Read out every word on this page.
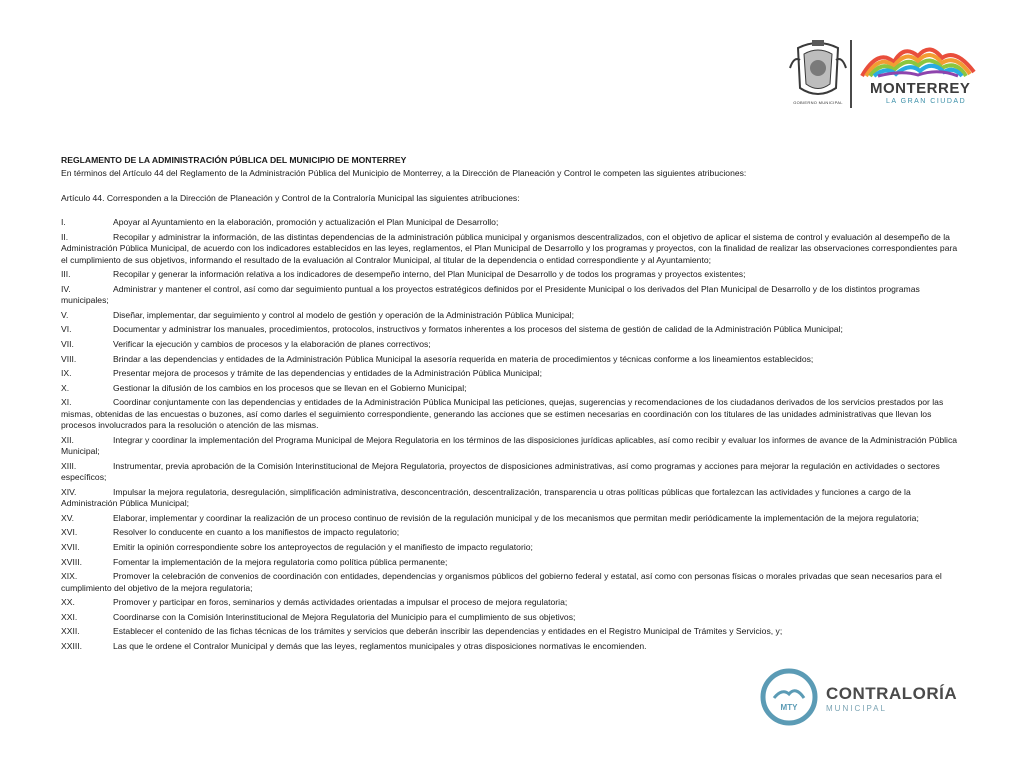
GOBIERNO MUNICIPAL
MONTERREY
LA GRAN CIUDAD

REGLAMENTO DE LA ADMINISTRACIÓN PÚBLICA DEL MUNICIPIO DE MONTERREY

En términos del Artículo 44 del Reglamento de la Administración Pública del Municipio de Monterrey, a la Dirección de Planeación y Control le competen las siguientes atribuciones:

Artículo 44. Corresponden a la Dirección de Planeación y Control de la Contraloría Municipal las siguientes atribuciones:

I.	Apoyar al Ayuntamiento en la elaboración, promoción y actualización el Plan Municipal de Desarrollo;
II.	Recopilar y administrar la información, de las distintas dependencias de la administración pública municipal y organismos descentralizados, con el objetivo de aplicar el sistema de control y evaluación al desempeño de la Administración Pública Municipal, de acuerdo con los indicadores establecidos en las leyes, reglamentos, el Plan Municipal de Desarrollo y los programas y proyectos, con la finalidad de realizar las observaciones correspondientes para el cumplimiento de sus objetivos, informando el resultado de la evaluación al Contralor Municipal, al titular de la dependencia o entidad correspondiente y al Ayuntamiento;
III.	Recopilar y generar la información relativa a los indicadores de desempeño interno, del Plan Municipal de Desarrollo y de todos los programas y proyectos existentes;
IV.	Administrar y mantener el control, así como dar seguimiento puntual a los proyectos estratégicos definidos por el Presidente Municipal o los derivados del Plan Municipal de Desarrollo y de los distintos programas municipales;
V.	Diseñar, implementar, dar seguimiento y control al modelo de gestión y operación de la Administración Pública Municipal;
VI.	Documentar y administrar los manuales, procedimientos, protocolos, instructivos y formatos inherentes a los procesos del sistema de gestión de calidad de la Administración Pública Municipal;
VII.	Verificar la ejecución y cambios de procesos y la elaboración de planes correctivos;
VIII.	Brindar a las dependencias y entidades de la Administración Pública Municipal la asesoría requerida en materia de procedimientos y técnicas conforme a los lineamientos establecidos;
IX.	Presentar mejora de procesos y trámite de las dependencias y entidades de la Administración Pública Municipal;
X.	Gestionar la difusión de los cambios en los procesos que se llevan en el Gobierno Municipal;
XI.	Coordinar conjuntamente con las dependencias y entidades de la Administración Pública Municipal las peticiones, quejas, sugerencias y recomendaciones de los ciudadanos derivados de los servicios prestados por las mismas, obtenidas de las encuestas o buzones, así como darles el seguimiento correspondiente, generando las acciones que se estimen necesarias en coordinación con los titulares de las unidades administrativas que llevan los procesos involucrados para la resolución o atención de las mismas.
XII.	Integrar y coordinar la implementación del Programa Municipal de Mejora Regulatoria en los términos de las disposiciones jurídicas aplicables, así como recibir y evaluar los informes de avance de la Administración Pública Municipal;
XIII.	Instrumentar, previa aprobación de la Comisión Interinstitucional de Mejora Regulatoria, proyectos de disposiciones administrativas, así como programas y acciones para mejorar la regulación en actividades o sectores específicos;
XIV.	Impulsar la mejora regulatoria, desregulación, simplificación administrativa, desconcentración, descentralización, transparencia u otras políticas públicas que fortalezcan las actividades y funciones a cargo de la Administración Pública Municipal;
XV.	Elaborar, implementar y coordinar la realización de un proceso continuo de revisión de la regulación municipal y de los mecanismos que permitan medir periódicamente la implementación de la mejora regulatoria;
XVI.	Resolver lo conducente en cuanto a los manifiestos de impacto regulatorio;
XVII.	Emitir la opinión correspondiente sobre los anteproyectos de regulación y el manifiesto de impacto regulatorio;
XVIII.	Fomentar la implementación de la mejora regulatoria como política pública permanente;
XIX.	Promover la celebración de convenios de coordinación con entidades, dependencias y organismos públicos del gobierno federal y estatal, así como con personas físicas o morales privadas que sean necesarios para el cumplimiento del objetivo de la mejora regulatoria;
XX.	Promover y participar en foros, seminarios y demás actividades orientadas a impulsar el proceso de mejora regulatoria;
XXI.	Coordinarse con la Comisión Interinstitucional de Mejora Regulatoria del Municipio para el cumplimiento de sus objetivos;
XXII.	Establecer el contenido de las fichas técnicas de los trámites y servicios que deberán inscribir las dependencias y entidades en el Registro Municipal de Trámites y Servicios, y;
XXIII.	Las que le ordene el Contralor Municipal y demás que las leyes, reglamentos municipales y otras disposiciones normativas le encomienden.
MTY
CONTRALORÍA
MUNICIPAL
